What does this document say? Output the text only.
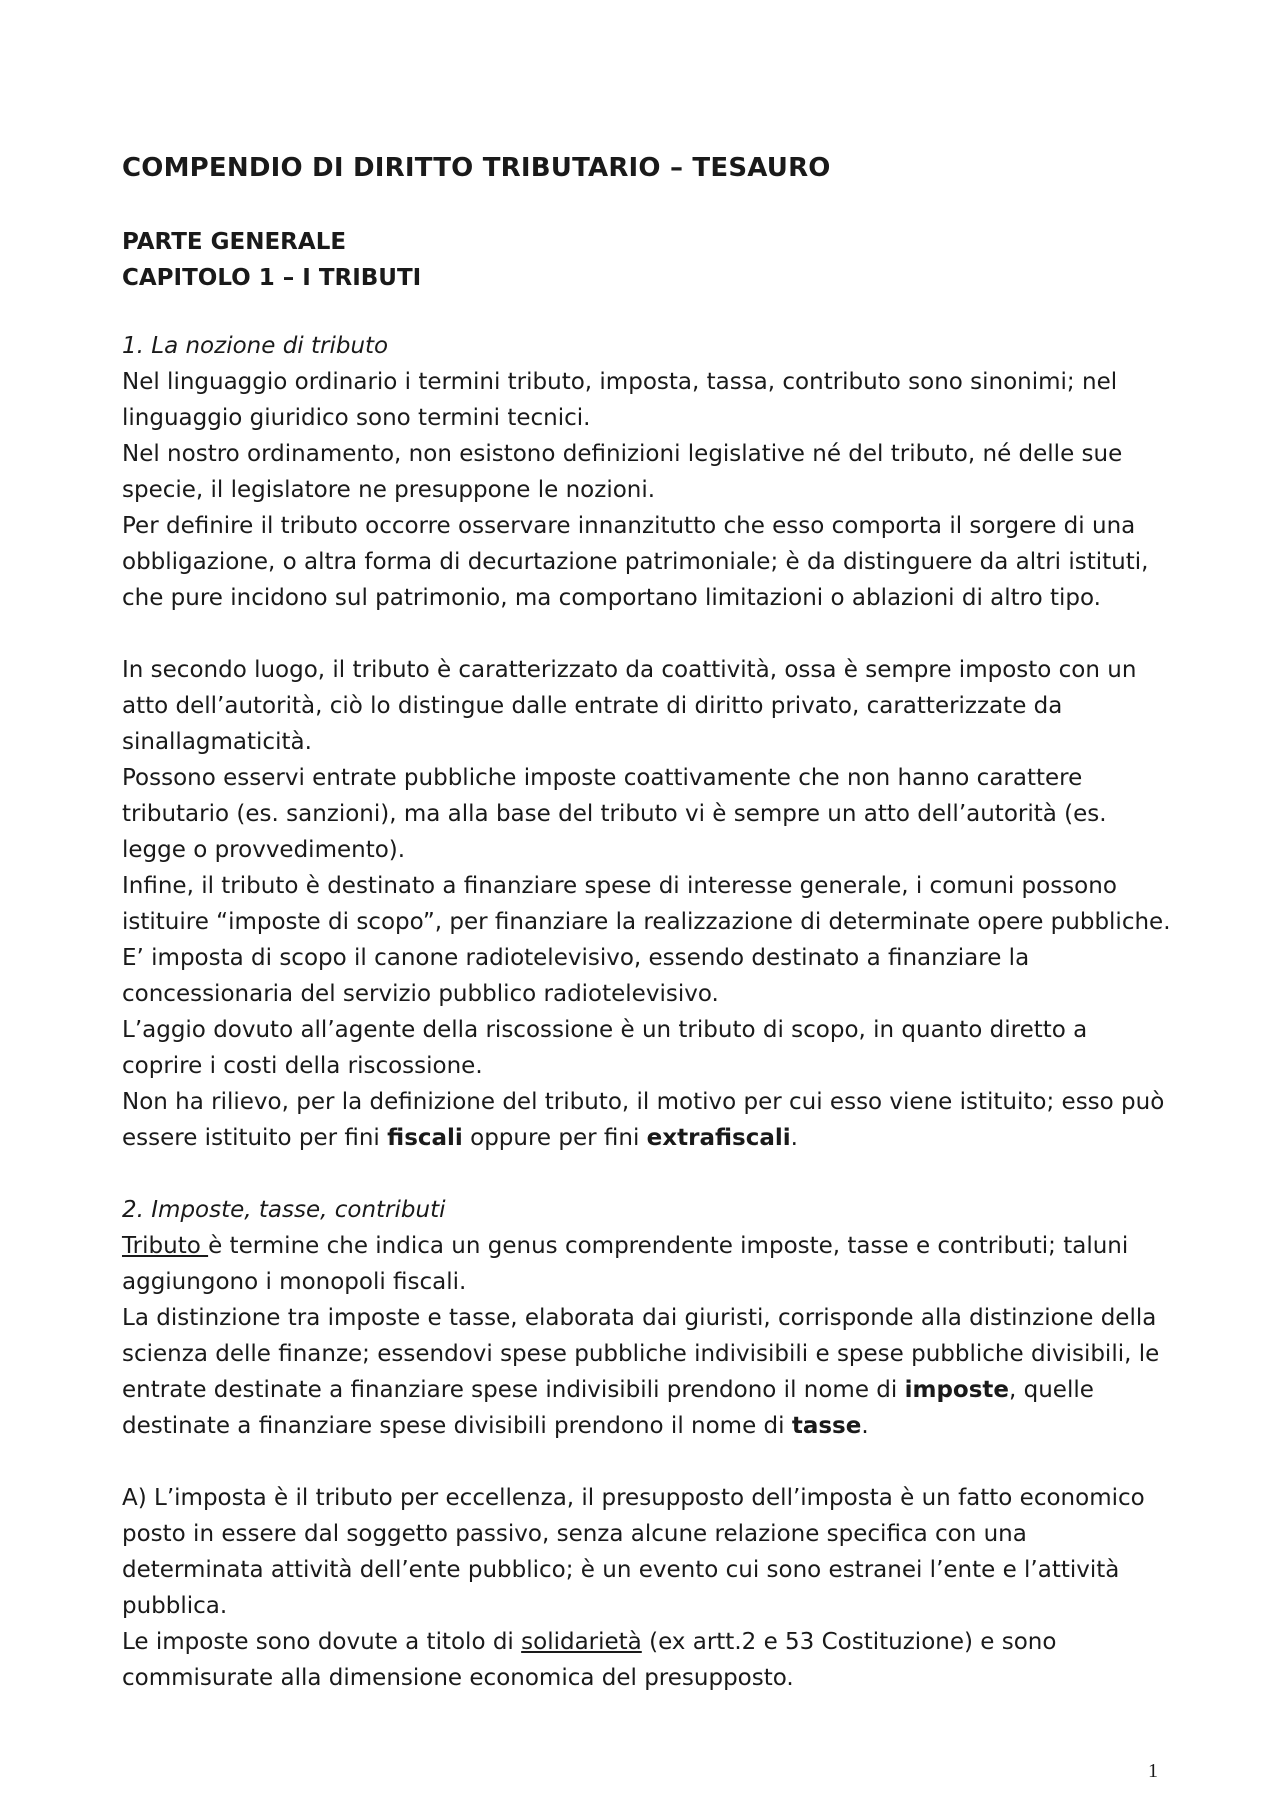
COMPENDIO DI DIRITTO TRIBUTARIO – TESAURO
PARTE GENERALE
CAPITOLO 1 – I TRIBUTI
1. La nozione di tributo

Nel linguaggio ordinario i termini tributo, imposta, tassa, contributo sono sinonimi; nel linguaggio giuridico sono termini tecnici.

Nel nostro ordinamento, non esistono definizioni legislative né del tributo, né delle sue specie, il legislatore ne presuppone le nozioni.

Per definire il tributo occorre osservare innanzitutto che esso comporta il sorgere di una obbligazione, o altra forma di decurtazione patrimoniale; è da distinguere da altri istituti, che pure incidono sul patrimonio, ma comportano limitazioni o ablazioni di altro tipo.

In secondo luogo, il tributo è caratterizzato da coattività, ossa è sempre imposto con un atto dell’autorità, ciò lo distingue dalle entrate di diritto privato, caratterizzate da sinallagmaticità.

Possono esservi entrate pubbliche imposte coattivamente che non hanno carattere tributario (es. sanzioni), ma alla base del tributo vi è sempre un atto dell’autorità (es. legge o provvedimento).

Infine, il tributo è destinato a finanziare spese di interesse generale, i comuni possono istituire “imposte di scopo”, per finanziare la realizzazione di determinate opere pubbliche.

E’ imposta di scopo il canone radiotelevisivo, essendo destinato a finanziare la concessionaria del servizio pubblico radiotelevisivo.

L’aggio dovuto all’agente della riscossione è un tributo di scopo, in quanto diretto a coprire i costi della riscossione.

Non ha rilievo, per la definizione del tributo, il motivo per cui esso viene istituito; esso può essere istituito per fini fiscali oppure per fini extrafiscali.

2. Imposte, tasse, contributi

Tributo è termine che indica un genus comprendente imposte, tasse e contributi; taluni aggiungono i monopoli fiscali.

La distinzione tra imposte e tasse, elaborata dai giuristi, corrisponde alla distinzione della scienza delle finanze; essendovi spese pubbliche indivisibili e spese pubbliche divisibili, le entrate destinate a finanziare spese indivisibili prendono il nome di imposte, quelle destinate a finanziare spese divisibili prendono il nome di tasse.

A) L’imposta è il tributo per eccellenza, il presupposto dell’imposta è un fatto economico posto in essere dal soggetto passivo, senza alcune relazione specifica con una determinata attività dell’ente pubblico; è un evento cui sono estranei l’ente e l’attività pubblica.

Le imposte sono dovute a titolo di solidarietà (ex artt.2 e 53 Costituzione) e sono commisurate alla dimensione economica del presupposto.

1
